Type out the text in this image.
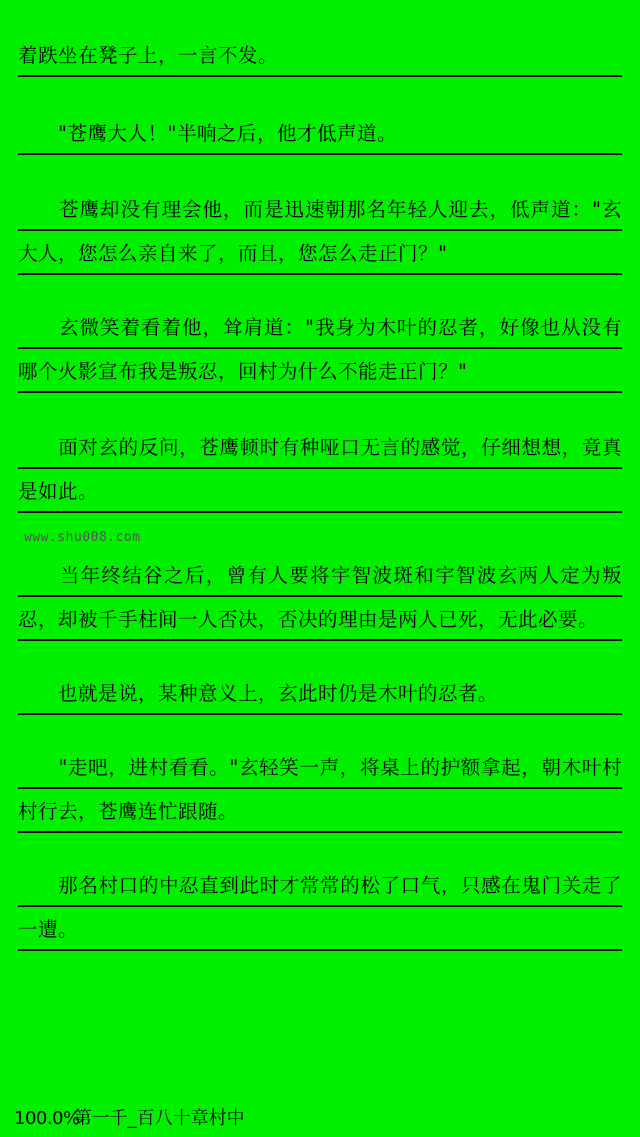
着跌坐在凳子上，一言不发。

　　"苍鹰大人！"半响之后，他才低声道。

　　苍鹰却没有理会他，而是迅速朝那名年轻人迎去，低声道："玄大人，您怎么亲自来了，而且，您怎么走正门？"

　　玄微笑着看着他，耸肩道："我身为木叶的忍者，好像也从没有哪个火影宣布我是叛忍，回村为什么不能走正门？"

　　面对玄的反问，苍鹰顿时有种哑口无言的感觉，仔细想想，竟真是如此。

www.shu008.com

　　当年终结谷之后，曾有人要将宇智波斑和宇智波玄两人定为叛忍，却被千手柱间一人否决，否决的理由是两人已死，无此必要。

　　也就是说，某种意义上，玄此时仍是木叶的忍者。

　　"走吧，进村看看。"玄轻笑一声，将桌上的护额拿起，朝木叶村村行去，苍鹰连忙跟随。

　　那名村口的中忍直到此时才常常的松了口气，只感在鬼门关走了一遭。

100.0%第一千_百八十章村中
